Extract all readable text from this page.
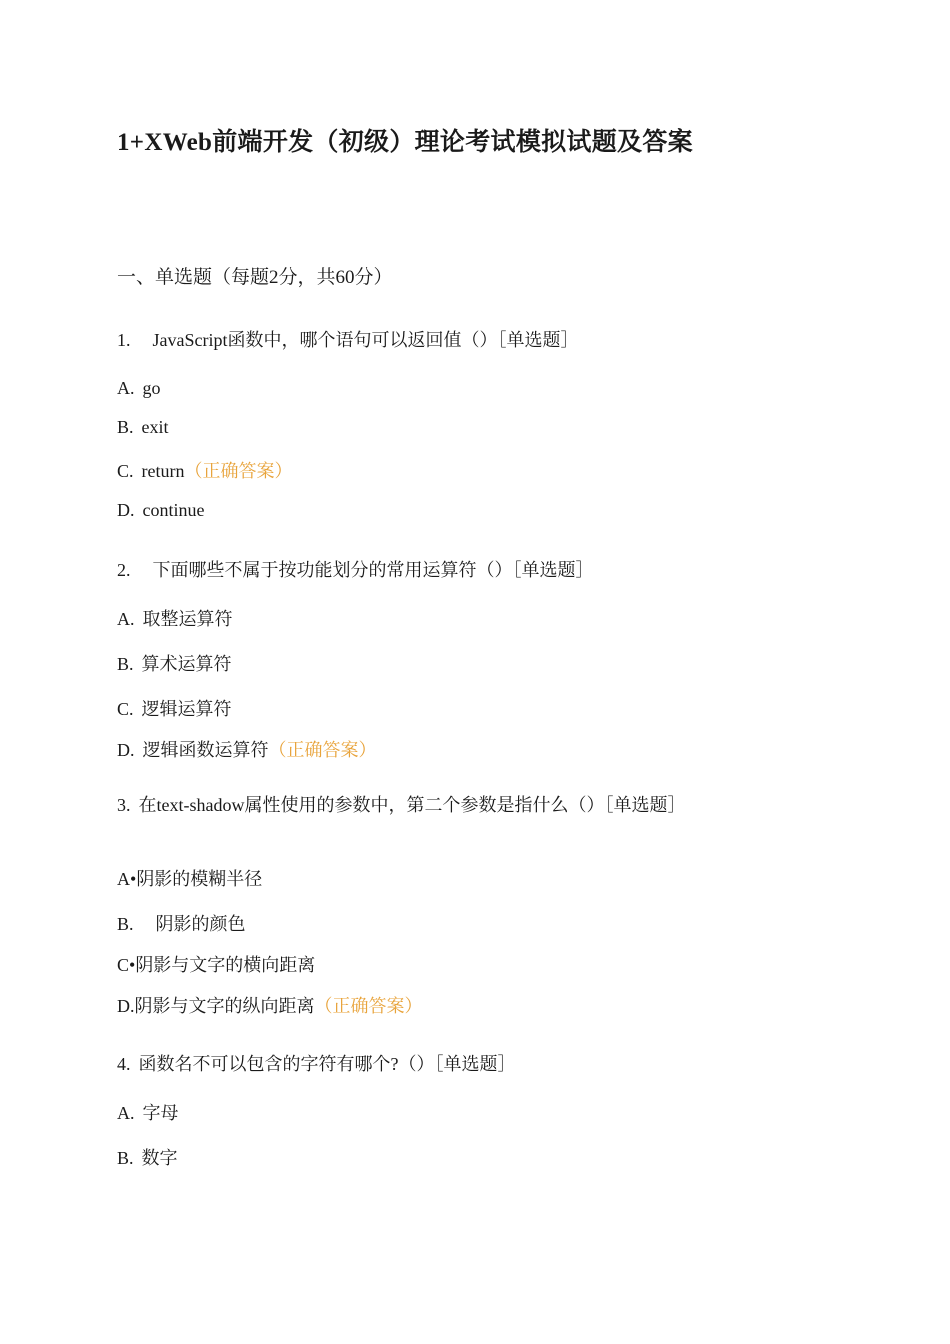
1+XWeb前端开发（初级）理论考试模拟试题及答案
一、单选题（每题2分，共60分）
1. JavaScript函数中，哪个语句可以返回值（）［单选题］
A. go
B. exit
C. return（正确答案）
D. continue
2. 下面哪些不属于按功能划分的常用运算符（）［单选题］
A. 取整运算符
B. 算术运算符
C. 逻辑运算符
D. 逻辑函数运算符（正确答案）
3. 在text-shadow属性使用的参数中，第二个参数是指什么（）［单选题］
A•阴影的模糊半径
B. 阴影的颜色
C•阴影与文字的横向距离
D.阴影与文字的纵向距离（正确答案）
4. 函数名不可以包含的字符有哪个?（）［单选题］
A. 字母
B. 数字
